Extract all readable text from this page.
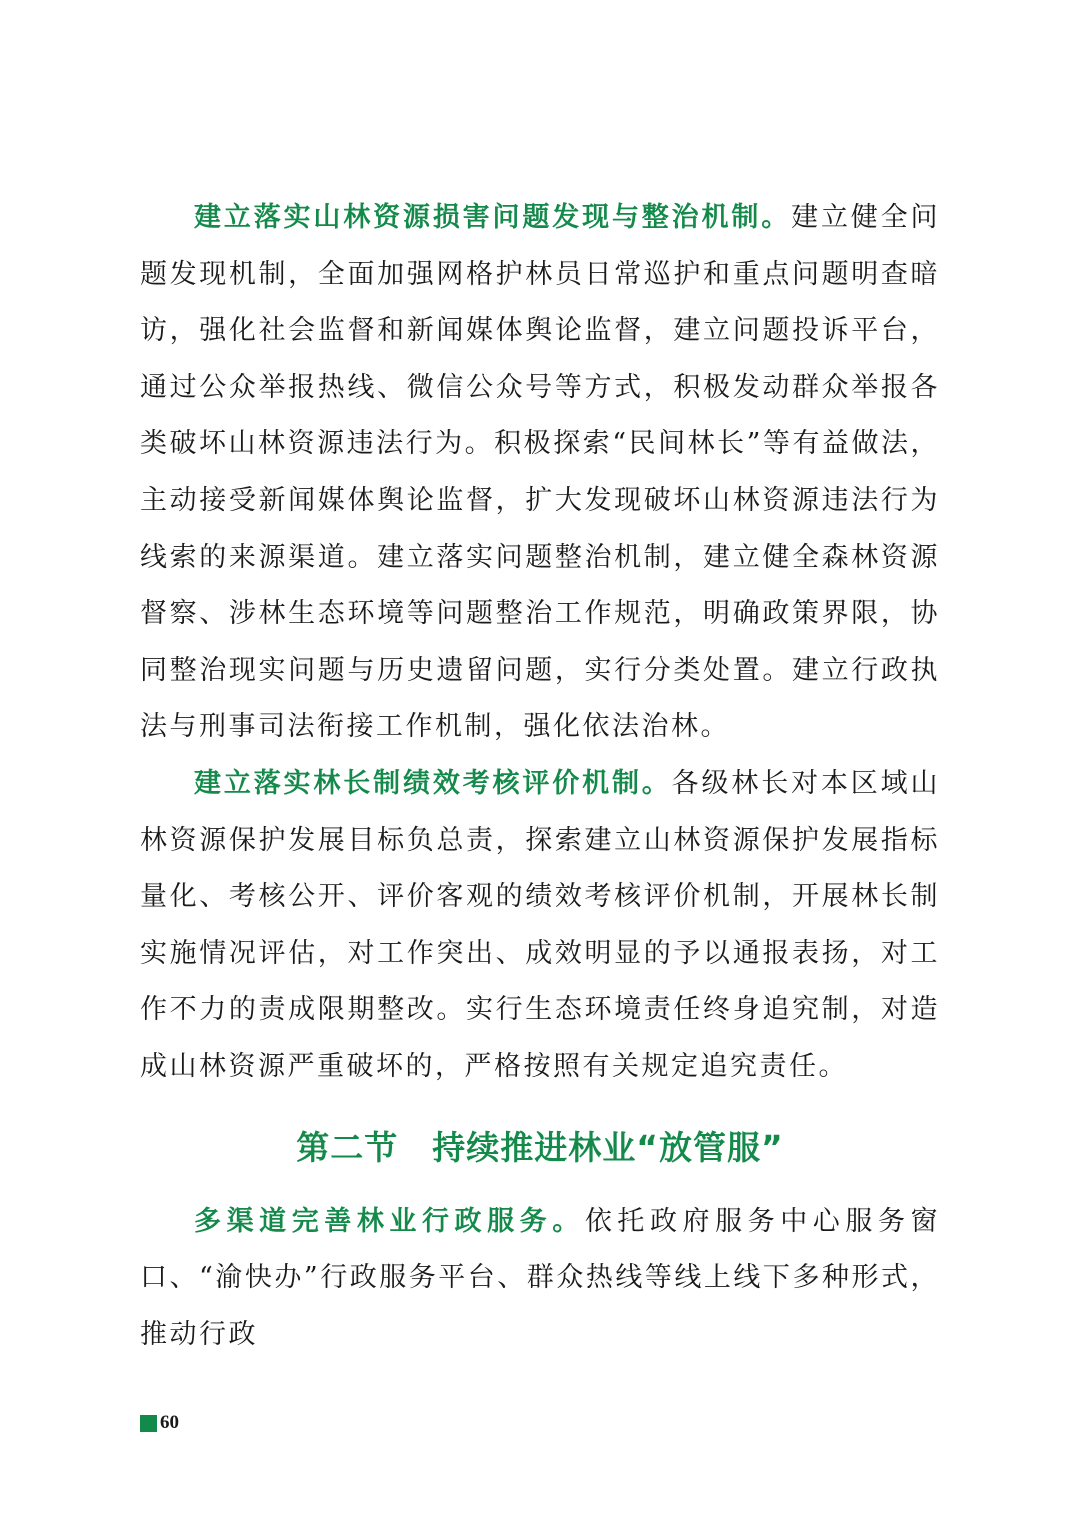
建立落实山林资源损害问题发现与整治机制。建立健全问题发现机制，全面加强网格护林员日常巡护和重点问题明查暗访，强化社会监督和新闻媒体舆论监督，建立问题投诉平台，通过公众举报热线、微信公众号等方式，积极发动群众举报各类破坏山林资源违法行为。积极探索“民间林长”等有益做法，主动接受新闻媒体舆论监督，扩大发现破坏山林资源违法行为线索的来源渠道。建立落实问题整治机制，建立健全森林资源督察、涉林生态环境等问题整治工作规范，明确政策界限，协同整治现实问题与历史遗留问题，实行分类处置。建立行政执法与刑事司法衔接工作机制，强化依法治林。

建立落实林长制绩效考核评价机制。各级林长对本区域山林资源保护发展目标负总责，探索建立山林资源保护发展指标量化、考核公开、评价客观的绩效考核评价机制，开展林长制实施情况评估，对工作突出、成效明显的予以通报表扬，对工作不力的责成限期整改。实行生态环境责任终身追究制，对造成山林资源严重破坏的，严格按照有关规定追究责任。

第二节 持续推进林业“放管服”

多渠道完善林业行政服务。依托政府服务中心服务窗口、“渝快办”行政服务平台、群众热线等线上线下多种形式，推动行政

60
